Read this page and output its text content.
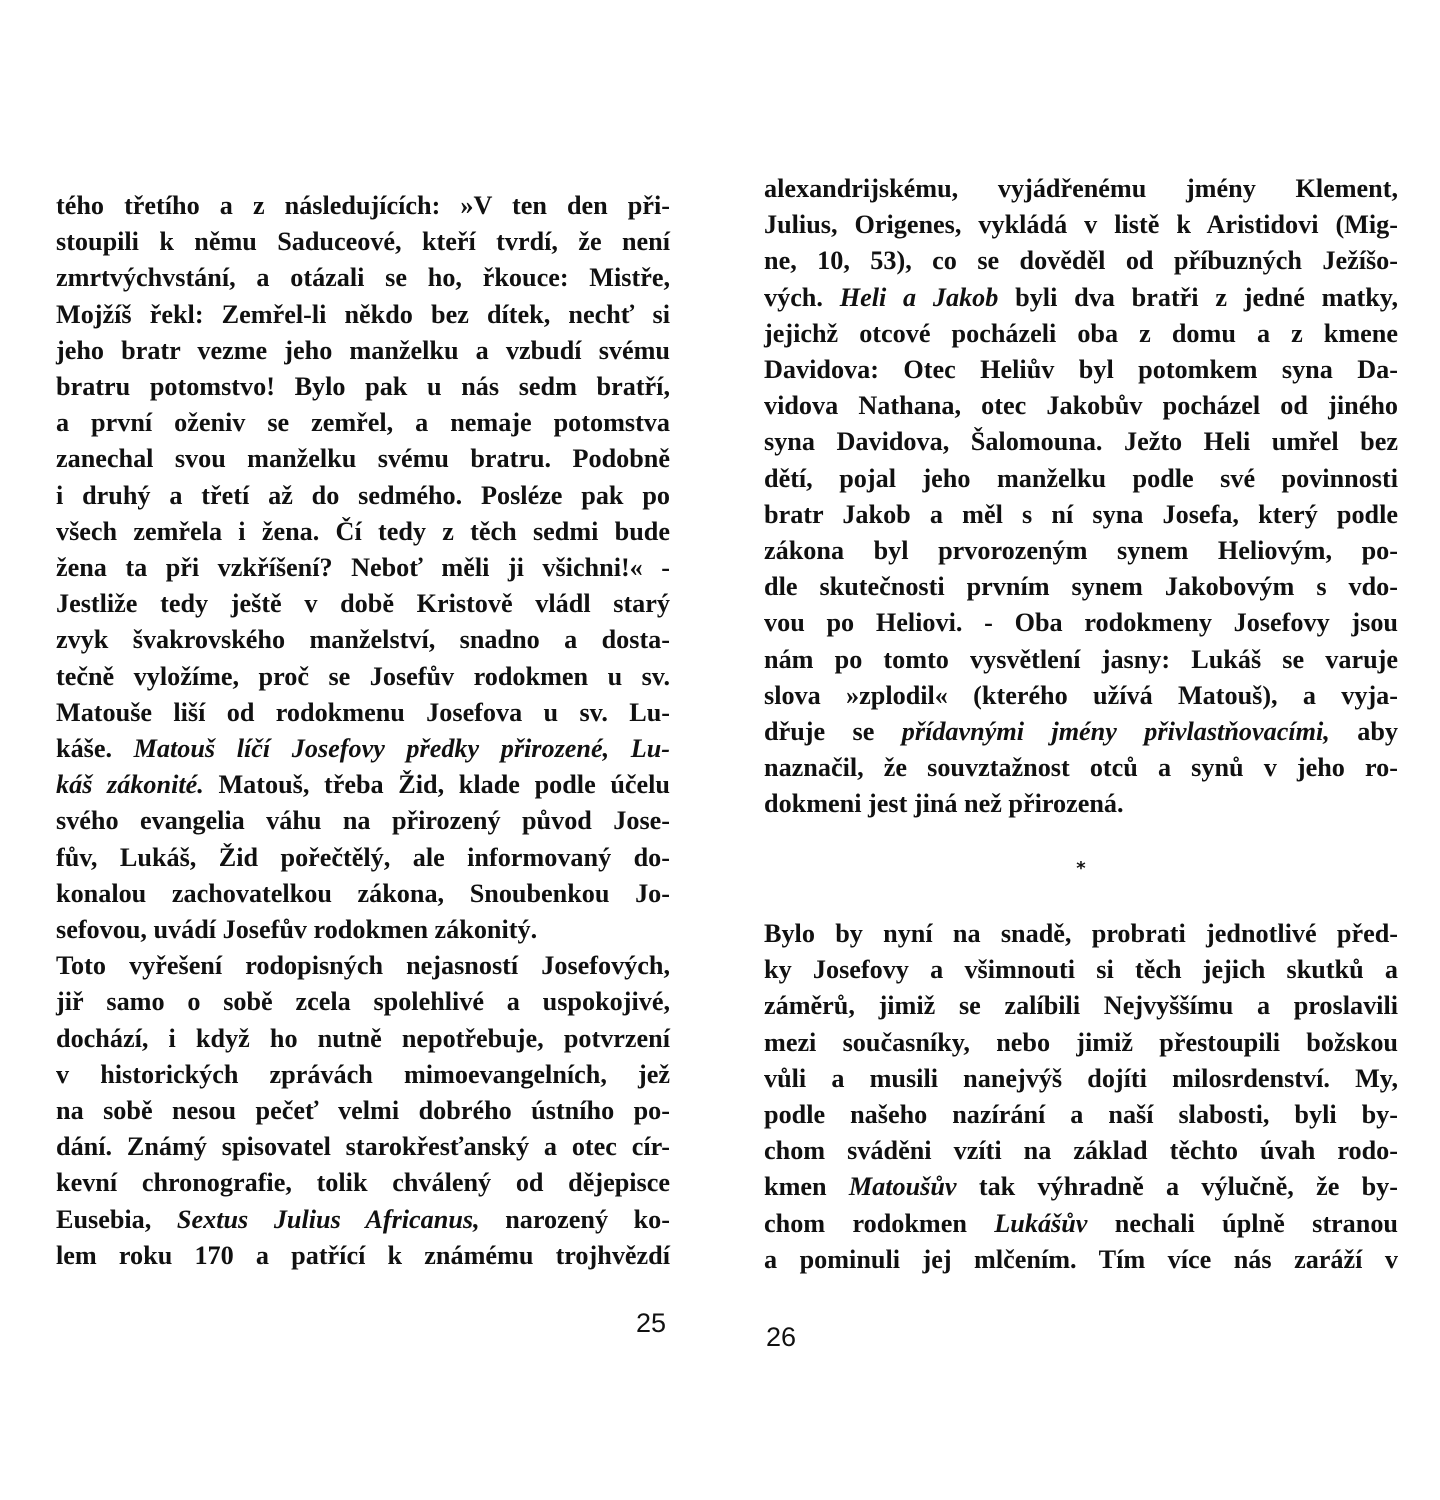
tého třetího a z následujících: »V ten den při-
stoupili k němu Saduceové, kteří tvrdí, že není
zmrtvýchvstání, a otázali se ho, řkouce: Mistře,
Mojžíš řekl: Zemřel-li někdo bez dítek, nechť si
jeho bratr vezme jeho manželku a vzbudí svému
bratru potomstvo! Bylo pak u nás sedm bratří,
a první oženiv se zemřel, a nemaje potomstva
zanechal svou manželku svému bratru. Podobně
i druhý a třetí až do sedmého. Posléze pak po
všech zemřela i žena. Čí tedy z těch sedmi bude
žena ta při vzkříšení? Neboť měli ji všichni!« -
Jestliže tedy ještě v době Kristově vládl starý
zvyk švakrovského manželství, snadno a dosta-
tečně vyložíme, proč se Josefův rodokmen u sv.
Matouše liší od rodokmenu Josefova u sv. Lu-
káše. Matouš líčí Josefovy předky přirozené, Lu-
káš zákonité. Matouš, třeba Žid, klade podle účelu
svého evangelia váhu na přirozený původ Jose-
fův, Lukáš, Žid pořečtělý, ale informovaný do-
konalou zachovatelkou zákona, Snoubenkou Jo-
sefovou, uvádí Josefův rodokmen zákonitý.
Toto vyřešení rodopisných nejasností Josefových,
jiř samo o sobě zcela spolehlivé a uspokojivé,
dochází, i když ho nutně nepotřebuje, potvrzení
v historických zprávách mimoevangelních, jež
na sobě nesou pečeť velmi dobrého ústního po-
dání. Známý spisovatel starokřesťanský a otec cír-
kevní chronografie, tolik chválený od dějepisce
Eusebia, Sextus Julius Africanus, narozený ko-
lem roku 170 a patřící k známému trojhvězdí
25
alexandrijskému, vyjádřenému jmény Klement,
Julius, Origenes, vykládá v listě k Aristidovi (Mig-
ne, 10, 53), co se dověděl od příbuzných Ježíšo-
vých. Heli a Jakob byli dva bratři z jedné matky,
jejichž otcové pocházeli oba z domu a z kmene
Davidova: Otec Heliův byl potomkem syna Da-
vidova Nathana, otec Jakobův pocházel od jiného
syna Davidova, Šalomouna. Ježto Heli umřel bez
dětí, pojal jeho manželku podle své povinnosti
bratr Jakob a měl s ní syna Josefa, který podle
zákona byl prvorozeným synem Heliovým, po-
dle skutečnosti prvním synem Jakobovým s vdo-
vou po Heliovi. - Oba rodokmeny Josefovy jsou
nám po tomto vysvětlení jasny: Lukáš se varuje
slova »zplodil« (kterého užívá Matouš), a vyja-
dřuje se přídavnými jmény přivlastňovacími, aby
naznačil, že souvztažnost otců a synů v jeho ro-
dokmeni jest jiná než přirozená.
*
Bylo by nyní na snadě, probrati jednotlivé před-
ky Josefovy a všimnouti si těch jejich skutků a
záměrů, jimiž se zalíbili Nejvyššímu a proslavili
mezi současníky, nebo jimiž přestoupili božskou
vůli a musili nanejvýš dojíti milosrdenství. My,
podle našeho nazírání a naší slabosti, byli by-
chom sváděni vzíti na základ těchto úvah rodo-
kmen Matoušův tak výhradně a výlučně, že by-
chom rodokmen Lukášův nechali úplně stranou
a pominuli jej mlčením. Tím více nás zaráží v
26
